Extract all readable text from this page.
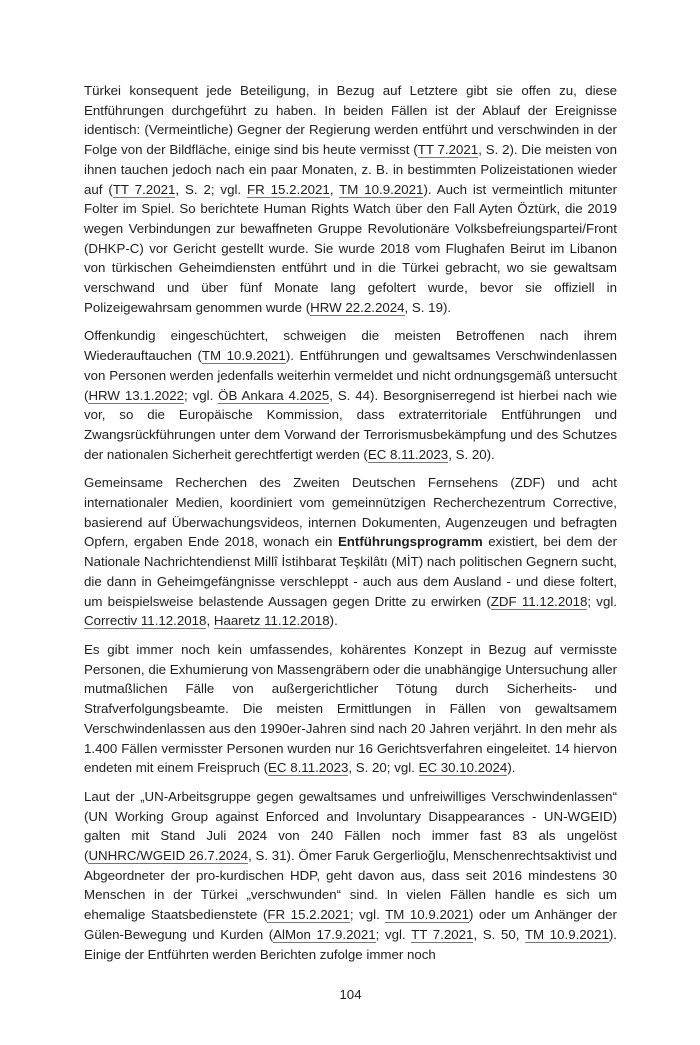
Türkei konsequent jede Beteiligung, in Bezug auf Letztere gibt sie offen zu, diese Entführungen durchgeführt zu haben. In beiden Fällen ist der Ablauf der Ereignisse identisch: (Vermeintliche) Gegner der Regierung werden entführt und verschwinden in der Folge von der Bildfläche, einige sind bis heute vermisst (TT 7.2021, S. 2). Die meisten von ihnen tauchen jedoch nach ein paar Monaten, z. B. in bestimmten Polizeistationen wieder auf (TT 7.2021, S. 2; vgl. FR 15.2.2021, TM 10.9.2021). Auch ist vermeintlich mitunter Folter im Spiel. So berichtete Human Rights Watch über den Fall Ayten Öztürk, die 2019 wegen Verbindungen zur bewaffneten Gruppe Revolutionäre Volksbefreiungspartei/Front (DHKP-C) vor Gericht gestellt wurde. Sie wurde 2018 vom Flughafen Beirut im Libanon von türkischen Geheimdiensten entführt und in die Türkei gebracht, wo sie gewaltsam verschwand und über fünf Monate lang gefoltert wurde, bevor sie offiziell in Polizeigewahrsam genommen wurde (HRW 22.2.2024, S. 19).

Offenkundig eingeschüchtert, schweigen die meisten Betroffenen nach ihrem Wiederauftauchen (TM 10.9.2021). Entführungen und gewaltsames Verschwindenlassen von Personen werden jedenfalls weiterhin vermeldet und nicht ordnungsgemäß untersucht (HRW 13.1.2022; vgl. ÖB Ankara 4.2025, S. 44). Besorgniserregend ist hierbei nach wie vor, so die Europäische Kommission, dass extraterritoriale Entführungen und Zwangsrückführungen unter dem Vorwand der Terrorismusbekämpfung und des Schutzes der nationalen Sicherheit gerechtfertigt werden (EC 8.11.2023, S. 20).

Gemeinsame Recherchen des Zweiten Deutschen Fernsehens (ZDF) und acht internationaler Medien, koordiniert vom gemeinnützigen Recherchezentrum Corrective, basierend auf Überwachungsvideos, internen Dokumenten, Augenzeugen und befragten Opfern, ergaben Ende 2018, wonach ein Entführungsprogramm existiert, bei dem der Nationale Nachrichtendienst Millî İstihbarat Teşkilâtı (MİT) nach politischen Gegnern sucht, die dann in Geheimgefängnisse verschleppt - auch aus dem Ausland - und diese foltert, um beispielsweise belastende Aussagen gegen Dritte zu erwirken (ZDF 11.12.2018; vgl. Correctiv 11.12.2018, Haaretz 11.12.2018).

Es gibt immer noch kein umfassendes, kohärentes Konzept in Bezug auf vermisste Personen, die Exhumierung von Massengräbern oder die unabhängige Untersuchung aller mutmaßlichen Fälle von außergerichtlicher Tötung durch Sicherheits- und Strafverfolgungsbeamte. Die meisten Ermittlungen in Fällen von gewaltsamem Verschwindenlassen aus den 1990er-Jahren sind nach 20 Jahren verjährt. In den mehr als 1.400 Fällen vermisster Personen wurden nur 16 Gerichtsverfahren eingeleitet. 14 hiervon endeten mit einem Freispruch (EC 8.11.2023, S. 20; vgl. EC 30.10.2024).

Laut der „UN-Arbeitsgruppe gegen gewaltsames und unfreiwilliges Verschwindenlassen“ (UN Working Group against Enforced and Involuntary Disappearances - UN-WGEID) galten mit Stand Juli 2024 von 240 Fällen noch immer fast 83 als ungelöst (UNHRC/WGEID 26.7.2024, S. 31). Ömer Faruk Gergerlioğlu, Menschenrechtsaktivist und Abgeordneter der pro-kurdischen HDP, geht davon aus, dass seit 2016 mindestens 30 Menschen in der Türkei „verschwunden“ sind. In vielen Fällen handle es sich um ehemalige Staatsbedienstete (FR 15.2.2021; vgl. TM 10.9.2021) oder um Anhänger der Gülen-Bewegung und Kurden (AlMon 17.9.2021; vgl. TT 7.2021, S. 50, TM 10.9.2021). Einige der Entführten werden Berichten zufolge immer noch

104
